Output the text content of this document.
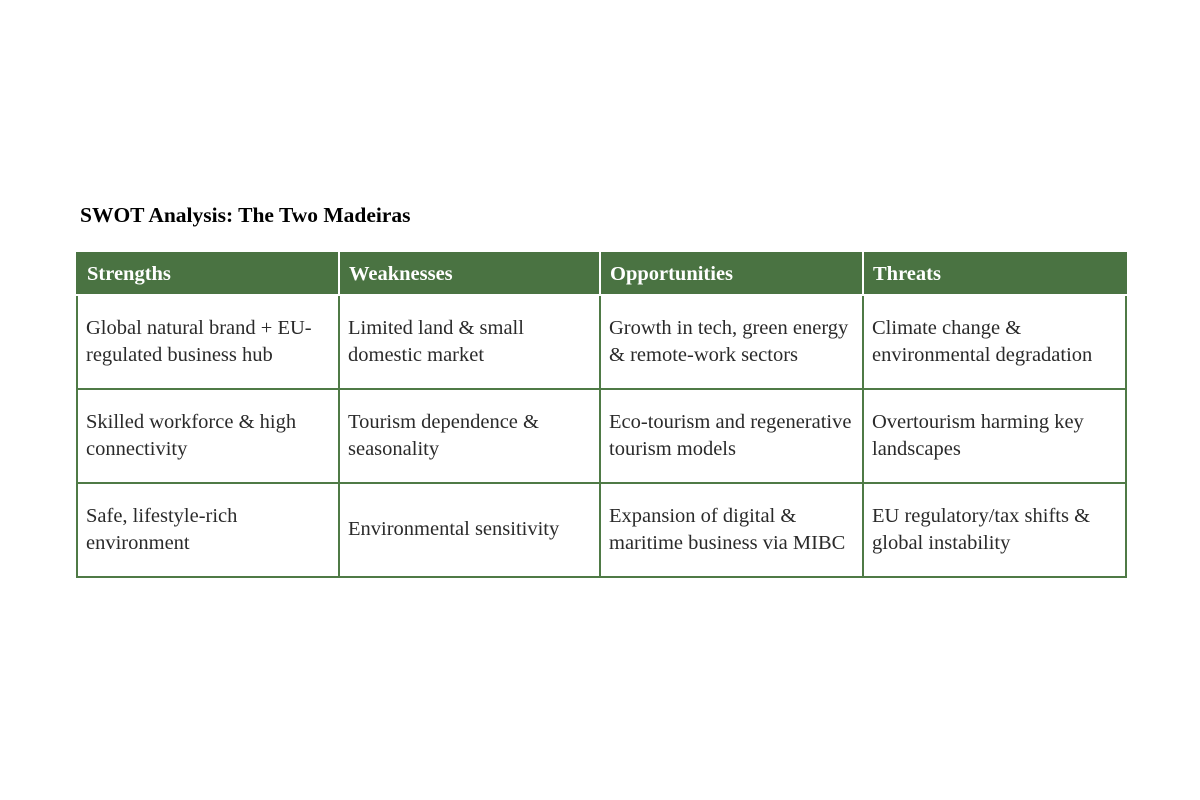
SWOT Analysis: The Two Madeiras
Strengths	Weaknesses	Opportunities	Threats
Global natural brand + EU-regulated business hub	Limited land & small domestic market	Growth in tech, green energy & remote-work sectors	Climate change & environmental degradation
Skilled workforce & high connectivity	Tourism dependence & seasonality	Eco-tourism and regenerative tourism models	Overtourism harming key landscapes
Safe, lifestyle-rich environment	Environmental sensitivity	Expansion of digital & maritime business via MIBC	EU regulatory/tax shifts & global instability
